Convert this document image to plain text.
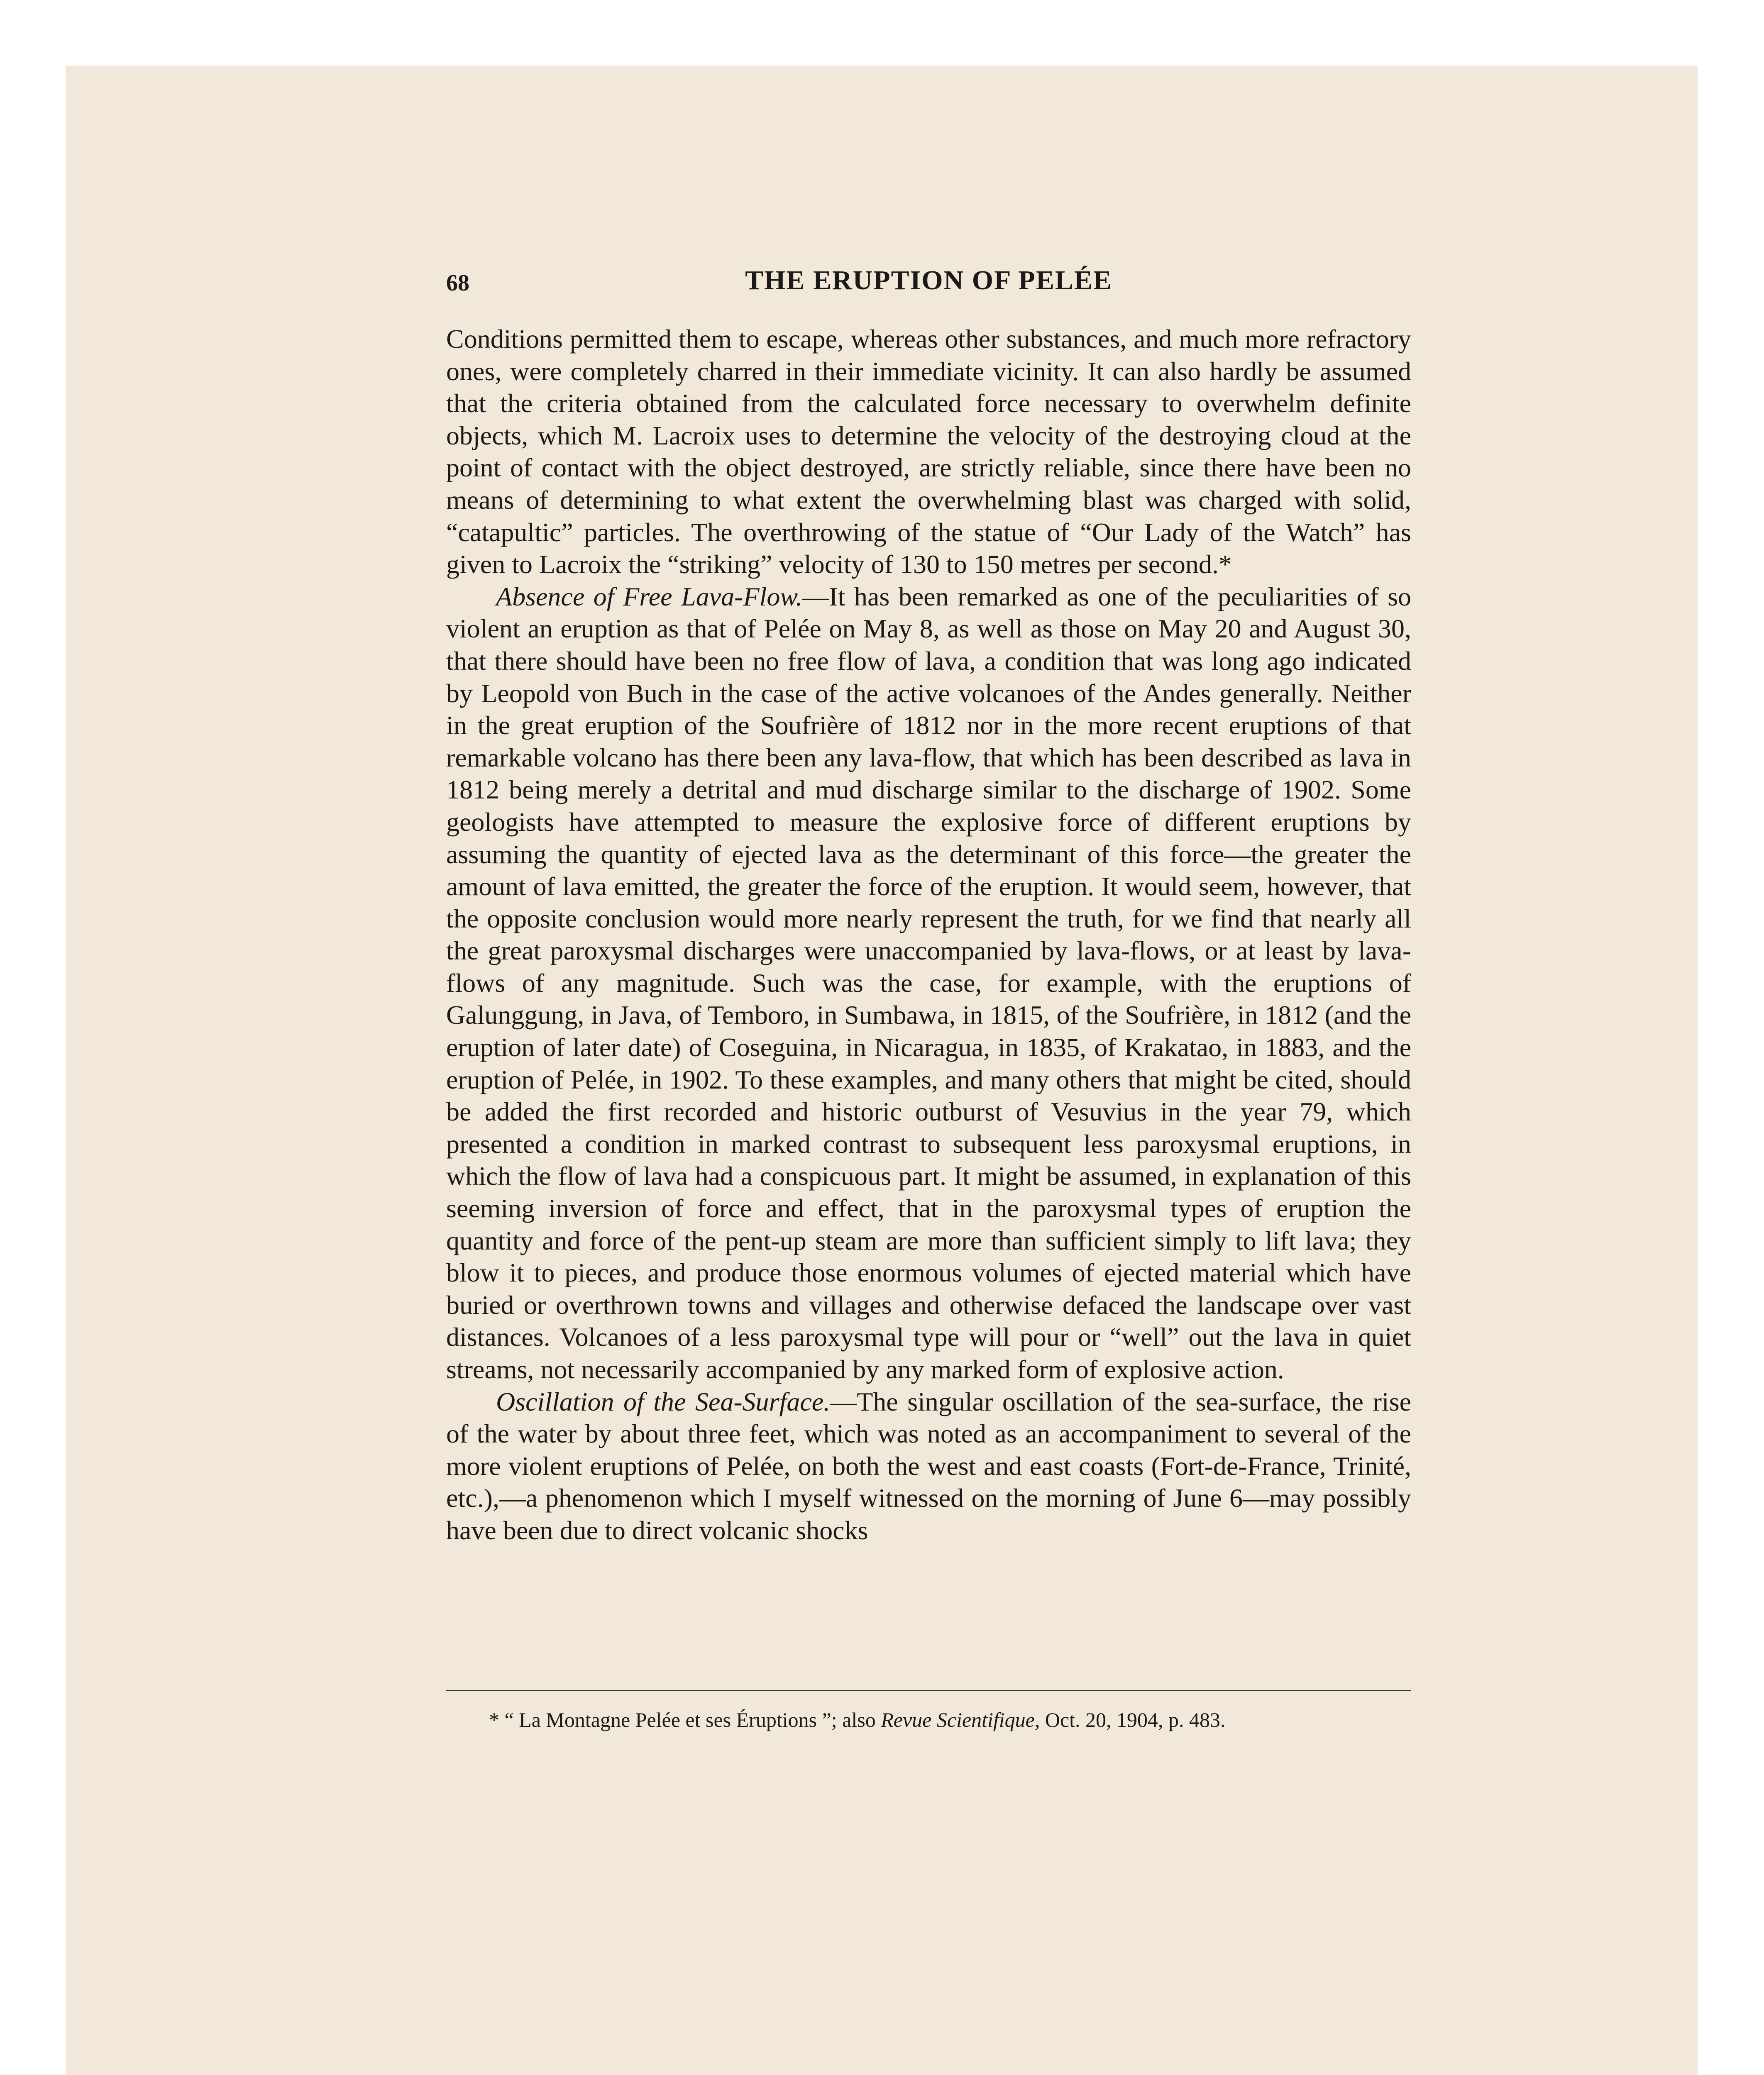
68	THE ERUPTION OF PELÉE

Conditions permitted them to escape, whereas other substances, and much more refractory ones, were completely charred in their immediate vicinity. It can also hardly be assumed that the criteria obtained from the calculated force necessary to overwhelm definite objects, which M. Lacroix uses to determine the velocity of the destroying cloud at the point of contact with the object destroyed, are strictly reliable, since there have been no means of determining to what extent the overwhelming blast was charged with solid, “catapultic” particles. The overthrowing of the statue of “Our Lady of the Watch” has given to Lacroix the “striking” velocity of 130 to 150 metres per second.*

Absence of Free Lava-Flow.—It has been remarked as one of the peculiarities of so violent an eruption as that of Pelée on May 8, as well as those on May 20 and August 30, that there should have been no free flow of lava, a condition that was long ago indicated by Leopold von Buch in the case of the active volcanoes of the Andes generally. Neither in the great eruption of the Soufrière of 1812 nor in the more recent eruptions of that remarkable volcano has there been any lava-flow, that which has been described as lava in 1812 being merely a detrital and mud discharge similar to the discharge of 1902. Some geologists have attempted to measure the explosive force of different eruptions by assuming the quantity of ejected lava as the determinant of this force—the greater the amount of lava emitted, the greater the force of the eruption. It would seem, however, that the opposite conclusion would more nearly represent the truth, for we find that nearly all the great paroxysmal discharges were unaccompanied by lava-flows, or at least by lava-flows of any magnitude. Such was the case, for example, with the eruptions of Galunggung, in Java, of Temboro, in Sumbawa, in 1815, of the Soufrière, in 1812 (and the eruption of later date) of Coseguina, in Nicaragua, in 1835, of Krakatao, in 1883, and the eruption of Pelée, in 1902. To these examples, and many others that might be cited, should be added the first recorded and historic outburst of Vesuvius in the year 79, which presented a condition in marked contrast to subsequent less paroxysmal eruptions, in which the flow of lava had a conspicuous part. It might be assumed, in explanation of this seeming inversion of force and effect, that in the paroxysmal types of eruption the quantity and force of the pent-up steam are more than sufficient simply to lift lava; they blow it to pieces, and produce those enormous volumes of ejected material which have buried or overthrown towns and villages and otherwise defaced the landscape over vast distances. Volcanoes of a less paroxysmal type will pour or “well” out the lava in quiet streams, not necessarily accompanied by any marked form of explosive action.

Oscillation of the Sea-Surface.—The singular oscillation of the sea-surface, the rise of the water by about three feet, which was noted as an accompaniment to several of the more violent eruptions of Pelée, on both the west and east coasts (Fort-de-France, Trinité, etc.),—a phenomenon which I myself witnessed on the morning of June 6—may possibly have been due to direct volcanic shocks

* “ La Montagne Pelée et ses Éruptions ”; also Revue Scientifique, Oct. 20, 1904, p. 483.
